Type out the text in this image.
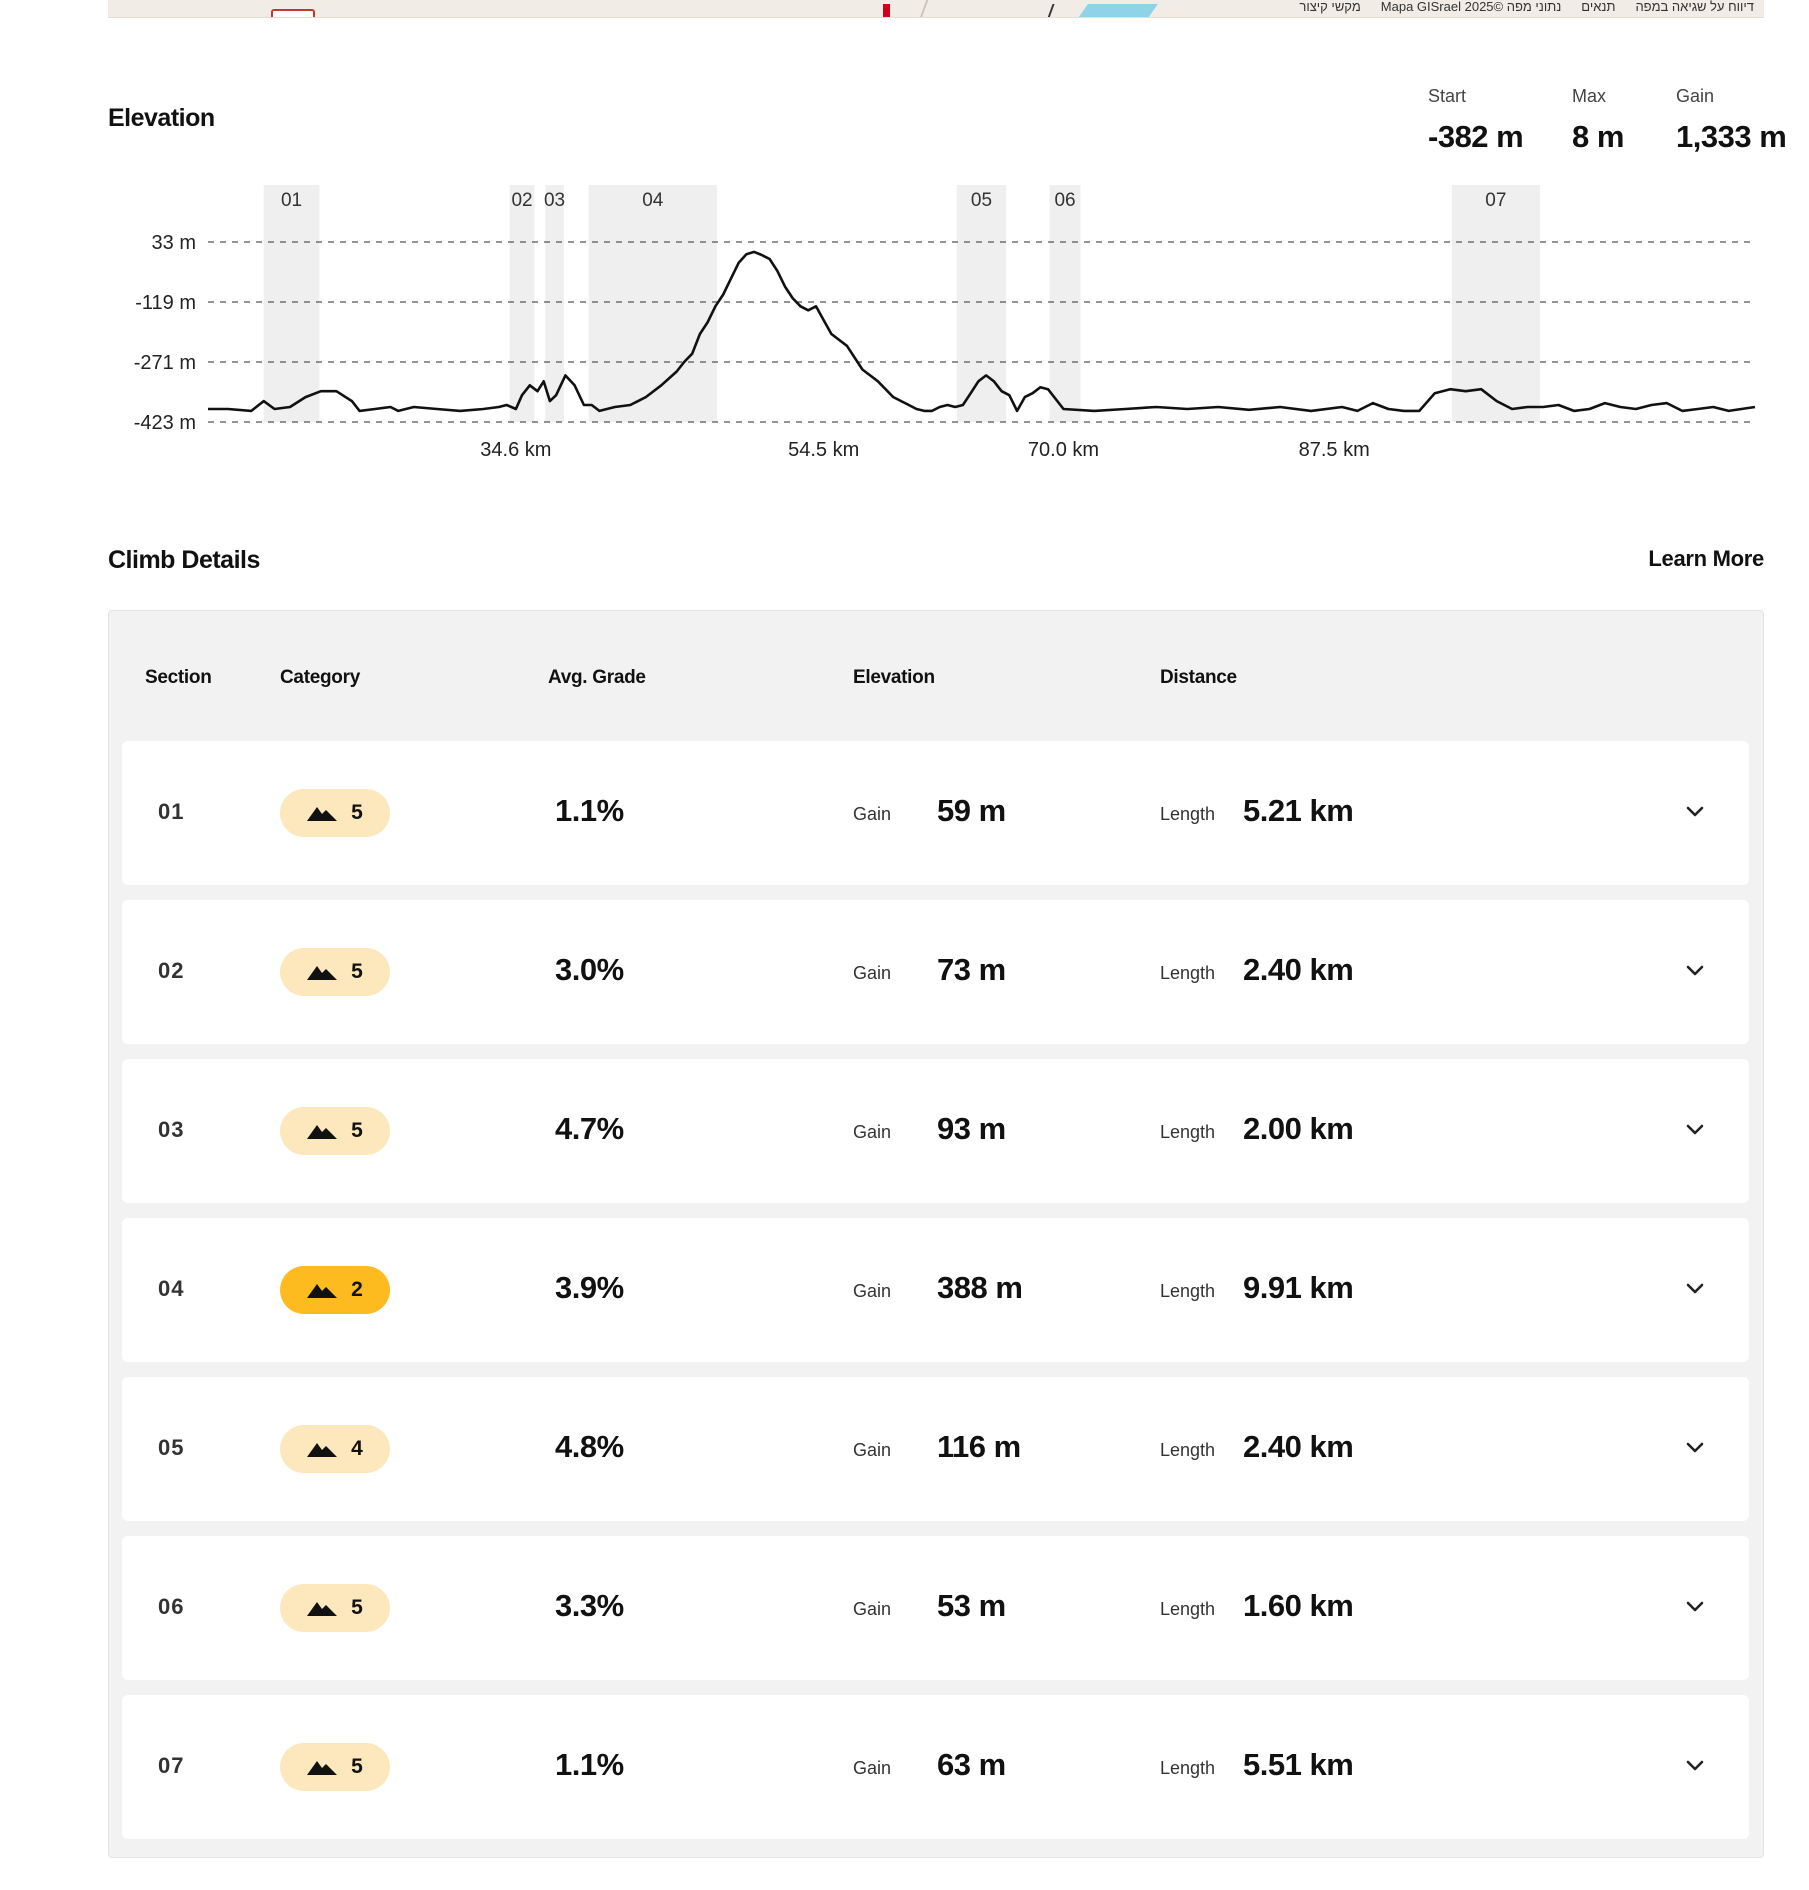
דיווח על שגיאה במפה
תנאים
נתוני מפה ©2025 Mapa GISrael
מקשי קיצור
Elevation
Start
-382 m
Max
8 m
Gain
1,333 m
01	02 03	04	05	06	07
33 m
-119 m
-271 m
-423 m
34.6 km	54.5 km	70.0 km	87.5 km
Climb Details	Learn More
Section	Category	Avg. Grade	Elevation	Distance
01	5	1.1%	Gain 59 m	Length 5.21 km
02	5	3.0%	Gain 73 m	Length 2.40 km
03	5	4.7%	Gain 93 m	Length 2.00 km
04	2	3.9%	Gain 388 m	Length 9.91 km
05	4	4.8%	Gain 116 m	Length 2.40 km
06	5	3.3%	Gain 53 m	Length 1.60 km
07	5	1.1%	Gain 63 m	Length 5.51 km
